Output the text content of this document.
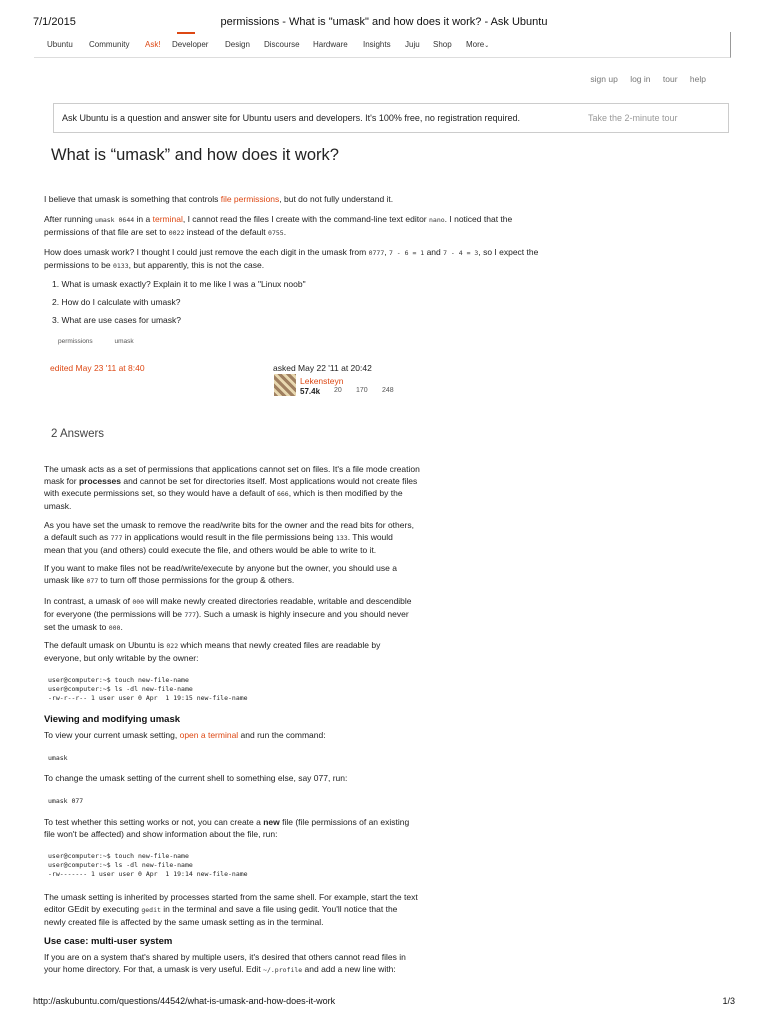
7/1/2015	permissions - What is "umask" and how does it work? - Ask Ubuntu
Ubuntu Community Ask! Developer Design Discourse Hardware Insights Juju Shop More⌄
sign up log in tour help
Ask Ubuntu is a question and answer site for Ubuntu users and developers. It's 100% free, no registration required.	Take the 2-minute tour
What is “umask” and how does it work?
I believe that umask is something that controls file permissions, but do not fully understand it.
After running umask 0644 in a terminal, I cannot read the files I create with the command-line text editor nano. I noticed that the
permissions of that file are set to 0022 instead of the default 0755.
How does umask work? I thought I could just remove the each digit in the umask from 0777, 7 - 6 = 1 and 7 - 4 = 3, so I expect the
permissions to be 0133, but apparently, this is not the case.
1. What is umask exactly? Explain it to me like I was a "Linux noob"
2. How do I calculate with umask?
3. What are use cases for umask?
permissions	umask
edited May 23 '11 at 8:40	asked May 22 '11 at 20:42
Lekensteyn
57.4k 20 170 248
2 Answers
The umask acts as a set of permissions that applications cannot set on files. It's a file mode creation
mask for processes and cannot be set for directories itself. Most applications would not create files
with execute permissions set, so they would have a default of 666, which is then modified by the
umask.
As you have set the umask to remove the read/write bits for the owner and the read bits for others,
a default such as 777 in applications would result in the file permissions being 133. This would
mean that you (and others) could execute the file, and others would be able to write to it.
If you want to make files not be read/write/execute by anyone but the owner, you should use a
umask like 077 to turn off those permissions for the group & others.
In contrast, a umask of 000 will make newly created directories readable, writable and descendible
for everyone (the permissions will be 777). Such a umask is highly insecure and you should never
set the umask to 000.
The default umask on Ubuntu is 022 which means that newly created files are readable by
everyone, but only writable by the owner:
user@computer:~$ touch new-file-name
user@computer:~$ ls -dl new-file-name
-rw-r--r-- 1 user user 0 Apr  1 19:15 new-file-name
Viewing and modifying umask
To view your current umask setting, open a terminal and run the command:
umask
To change the umask setting of the current shell to something else, say 077, run:
umask 077
To test whether this setting works or not, you can create a new file (file permissions of an existing
file won't be affected) and show information about the file, run:
user@computer:~$ touch new-file-name
user@computer:~$ ls -dl new-file-name
-rw------- 1 user user 0 Apr  1 19:14 new-file-name
The umask setting is inherited by processes started from the same shell. For example, start the text
editor GEdit by executing gedit in the terminal and save a file using gedit. You'll notice that the
newly created file is affected by the same umask setting as in the terminal.
Use case: multi-user system
If you are on a system that's shared by multiple users, it's desired that others cannot read files in
your home directory. For that, a umask is very useful. Edit ~/.profile and add a new line with:
http://askubuntu.com/questions/44542/what-is-umask-and-how-does-it-work	1/3
